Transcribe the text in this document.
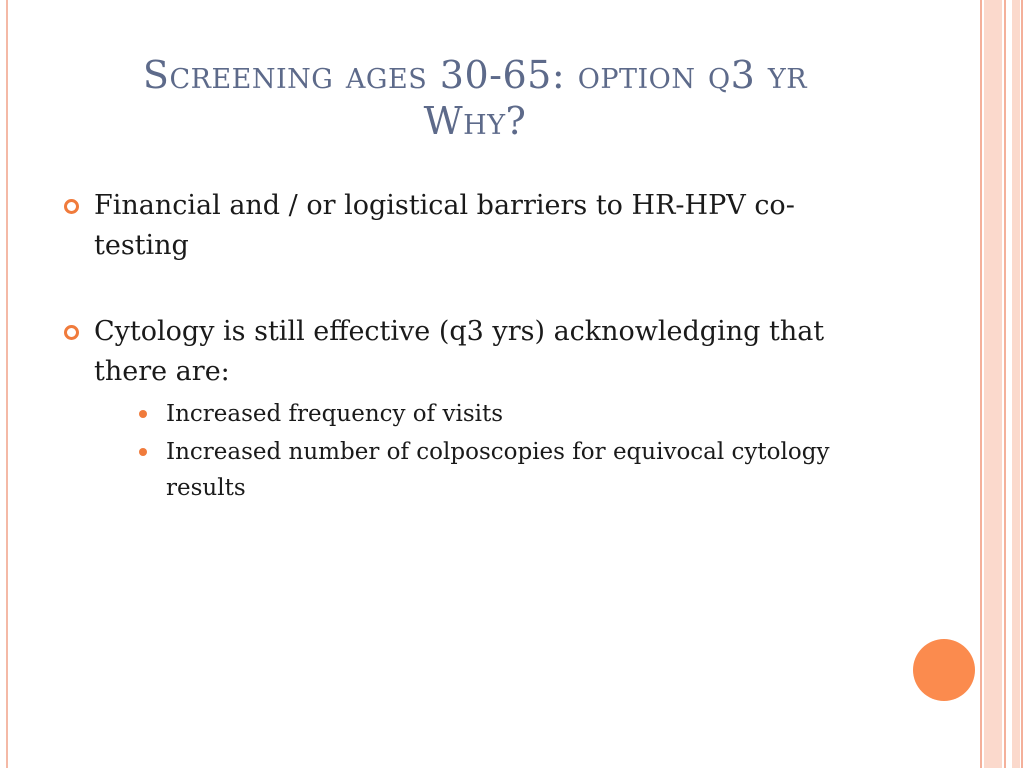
Screening ages 30-65: option q3 yr
Why?
Financial and / or logistical barriers to HR-HPV co-testing
Cytology is still effective (q3 yrs) acknowledging that there are:
Increased frequency of visits
Increased number of colposcopies for equivocal cytology results
